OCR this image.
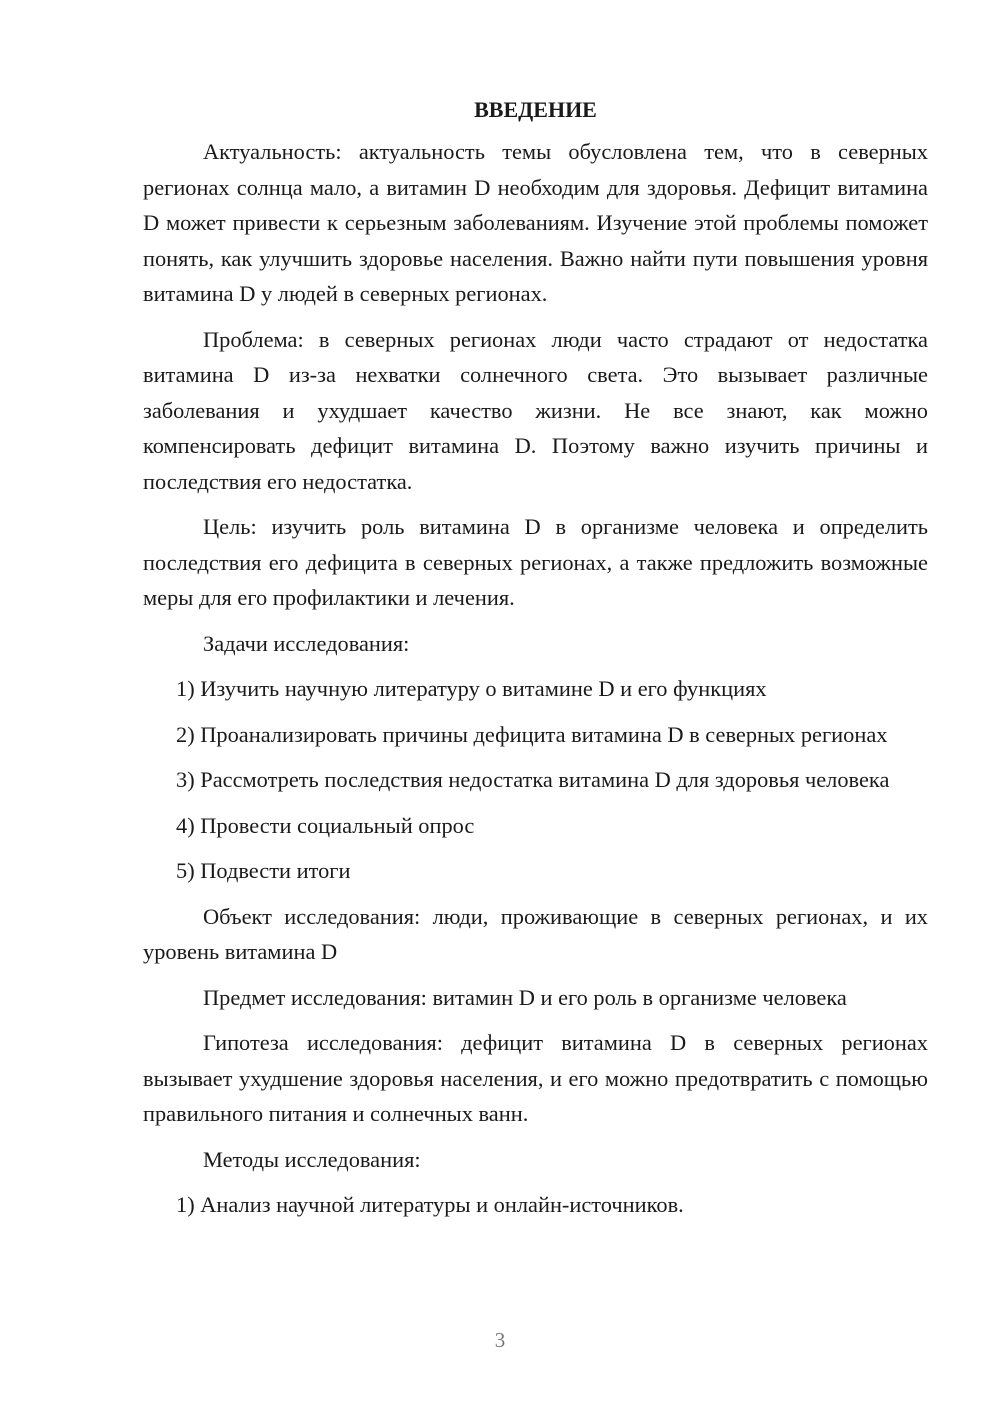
ВВЕДЕНИЕ

Актуальность: актуальность темы обусловлена тем, что в северных регионах солнца мало, а витамин D необходим для здоровья. Дефицит витамина D может привести к серьезным заболеваниям. Изучение этой проблемы поможет понять, как улучшить здоровье населения. Важно найти пути повышения уровня витамина D у людей в северных регионах.

Проблема: в северных регионах люди часто страдают от недостатка витамина D из-за нехватки солнечного света. Это вызывает различные заболевания и ухудшает качество жизни. Не все знают, как можно компенсировать дефицит витамина D. Поэтому важно изучить причины и последствия его недостатка.

Цель: изучить роль витамина D в организме человека и определить последствия его дефицита в северных регионах, а также предложить возможные меры для его профилактики и лечения.

Задачи исследования:

1) Изучить научную литературу о витамине D и его функциях

2) Проанализировать причины дефицита витамина D в северных регионах

3) Рассмотреть последствия недостатка витамина D для здоровья человека

4) Провести социальный опрос

5) Подвести итоги

Объект исследования: люди, проживающие в северных регионах, и их уровень витамина D

Предмет исследования: витамин D и его роль в организме человека

Гипотеза исследования: дефицит витамина D в северных регионах вызывает ухудшение здоровья населения, и его можно предотвратить с помощью правильного питания и солнечных ванн.

Методы исследования:

1) Анализ научной литературы и онлайн-источников.

3
